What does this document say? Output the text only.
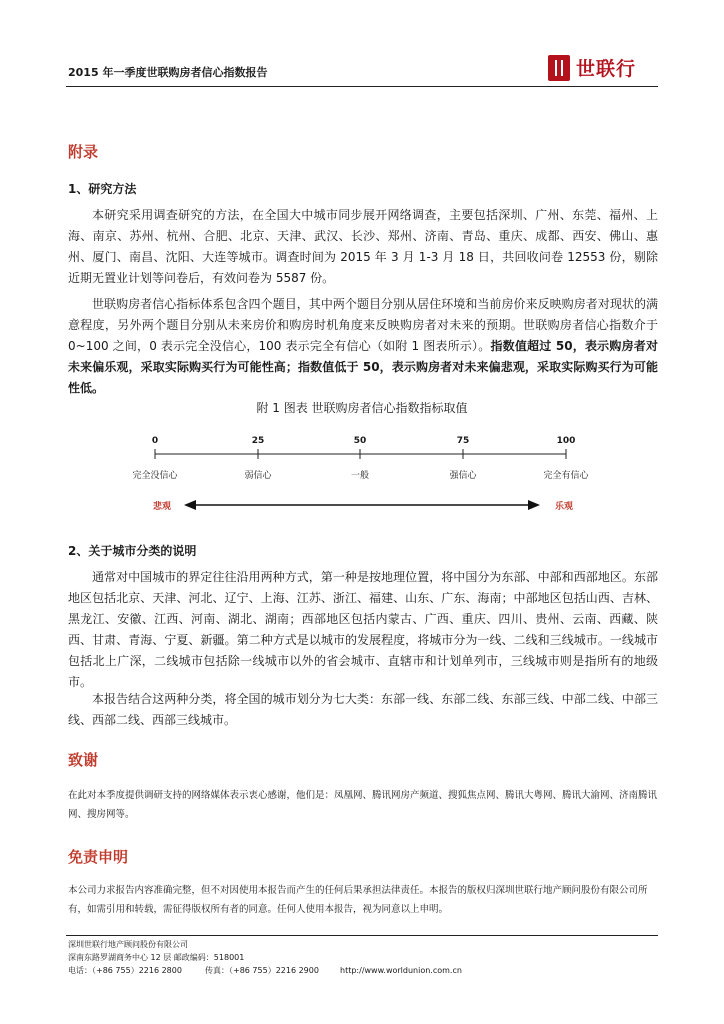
2015 年一季度世联购房者信心指数报告	世联行
附录
1、研究方法

本研究采用调查研究的方法，在全国大中城市同步展开网络调查，主要包括深圳、广州、东莞、福州、上海、南京、苏州、杭州、合肥、北京、天津、武汉、长沙、郑州、济南、青岛、重庆、成都、西安、佛山、惠州、厦门、南昌、沈阳、大连等城市。调查时间为 2015 年 3 月 1-3 月 18 日，共回收问卷 12553 份，剔除近期无置业计划等问卷后，有效问卷为 5587 份。

世联购房者信心指标体系包含四个题目，其中两个题目分别从居住环境和当前房价来反映购房者对现状的满意程度，另外两个题目分别从未来房价和购房时机角度来反映购房者对未来的预期。世联购房者信心指数介于 0~100 之间，0 表示完全没信心，100 表示完全有信心（如附 1 图表所示）。指数值超过 50，表示购房者对未来偏乐观，采取实际购买行为可能性高；指数值低于 50，表示购房者对未来偏悲观，采取实际购买行为可能性低。

附 1 图表 世联购房者信心指数指标取值
0	25	50	75	100
完全没信心	弱信心	一般	强信心	完全有信心
悲观	乐观
2、关于城市分类的说明

通常对中国城市的界定往往沿用两种方式，第一种是按地理位置，将中国分为东部、中部和西部地区。东部地区包括北京、天津、河北、辽宁、上海、江苏、浙江、福建、山东、广东、海南；中部地区包括山西、吉林、黑龙江、安徽、江西、河南、湖北、湖南；西部地区包括内蒙古、广西、重庆、四川、贵州、云南、西藏、陕西、甘肃、青海、宁夏、新疆。第二种方式是以城市的发展程度，将城市分为一线、二线和三线城市。一线城市包括北上广深，二线城市包括除一线城市以外的省会城市、直辖市和计划单列市，三线城市则是指所有的地级市。

本报告结合这两种分类，将全国的城市划分为七大类：东部一线、东部二线、东部三线、中部二线、中部三线、西部二线、西部三线城市。

致谢

在此对本季度提供调研支持的网络媒体表示衷心感谢，他们是：凤凰网、腾讯网房产频道、搜狐焦点网、腾讯大粤网、腾讯大渝网、济南腾讯网、搜房网等。

免责申明

本公司力求报告内容准确完整，但不对因使用本报告而产生的任何后果承担法律责任。本报告的版权归深圳世联行地产顾问股份有限公司所有，如需引用和转载，需征得版权所有者的同意。任何人使用本报告，视为同意以上申明。

深圳世联行地产顾问股份有限公司
深南东路罗湖商务中心 12 层 邮政编码：518001
电话：（+86 755）2216 2800	传真：（+86 755）2216 2900	http://www.worldunion.com.cn
